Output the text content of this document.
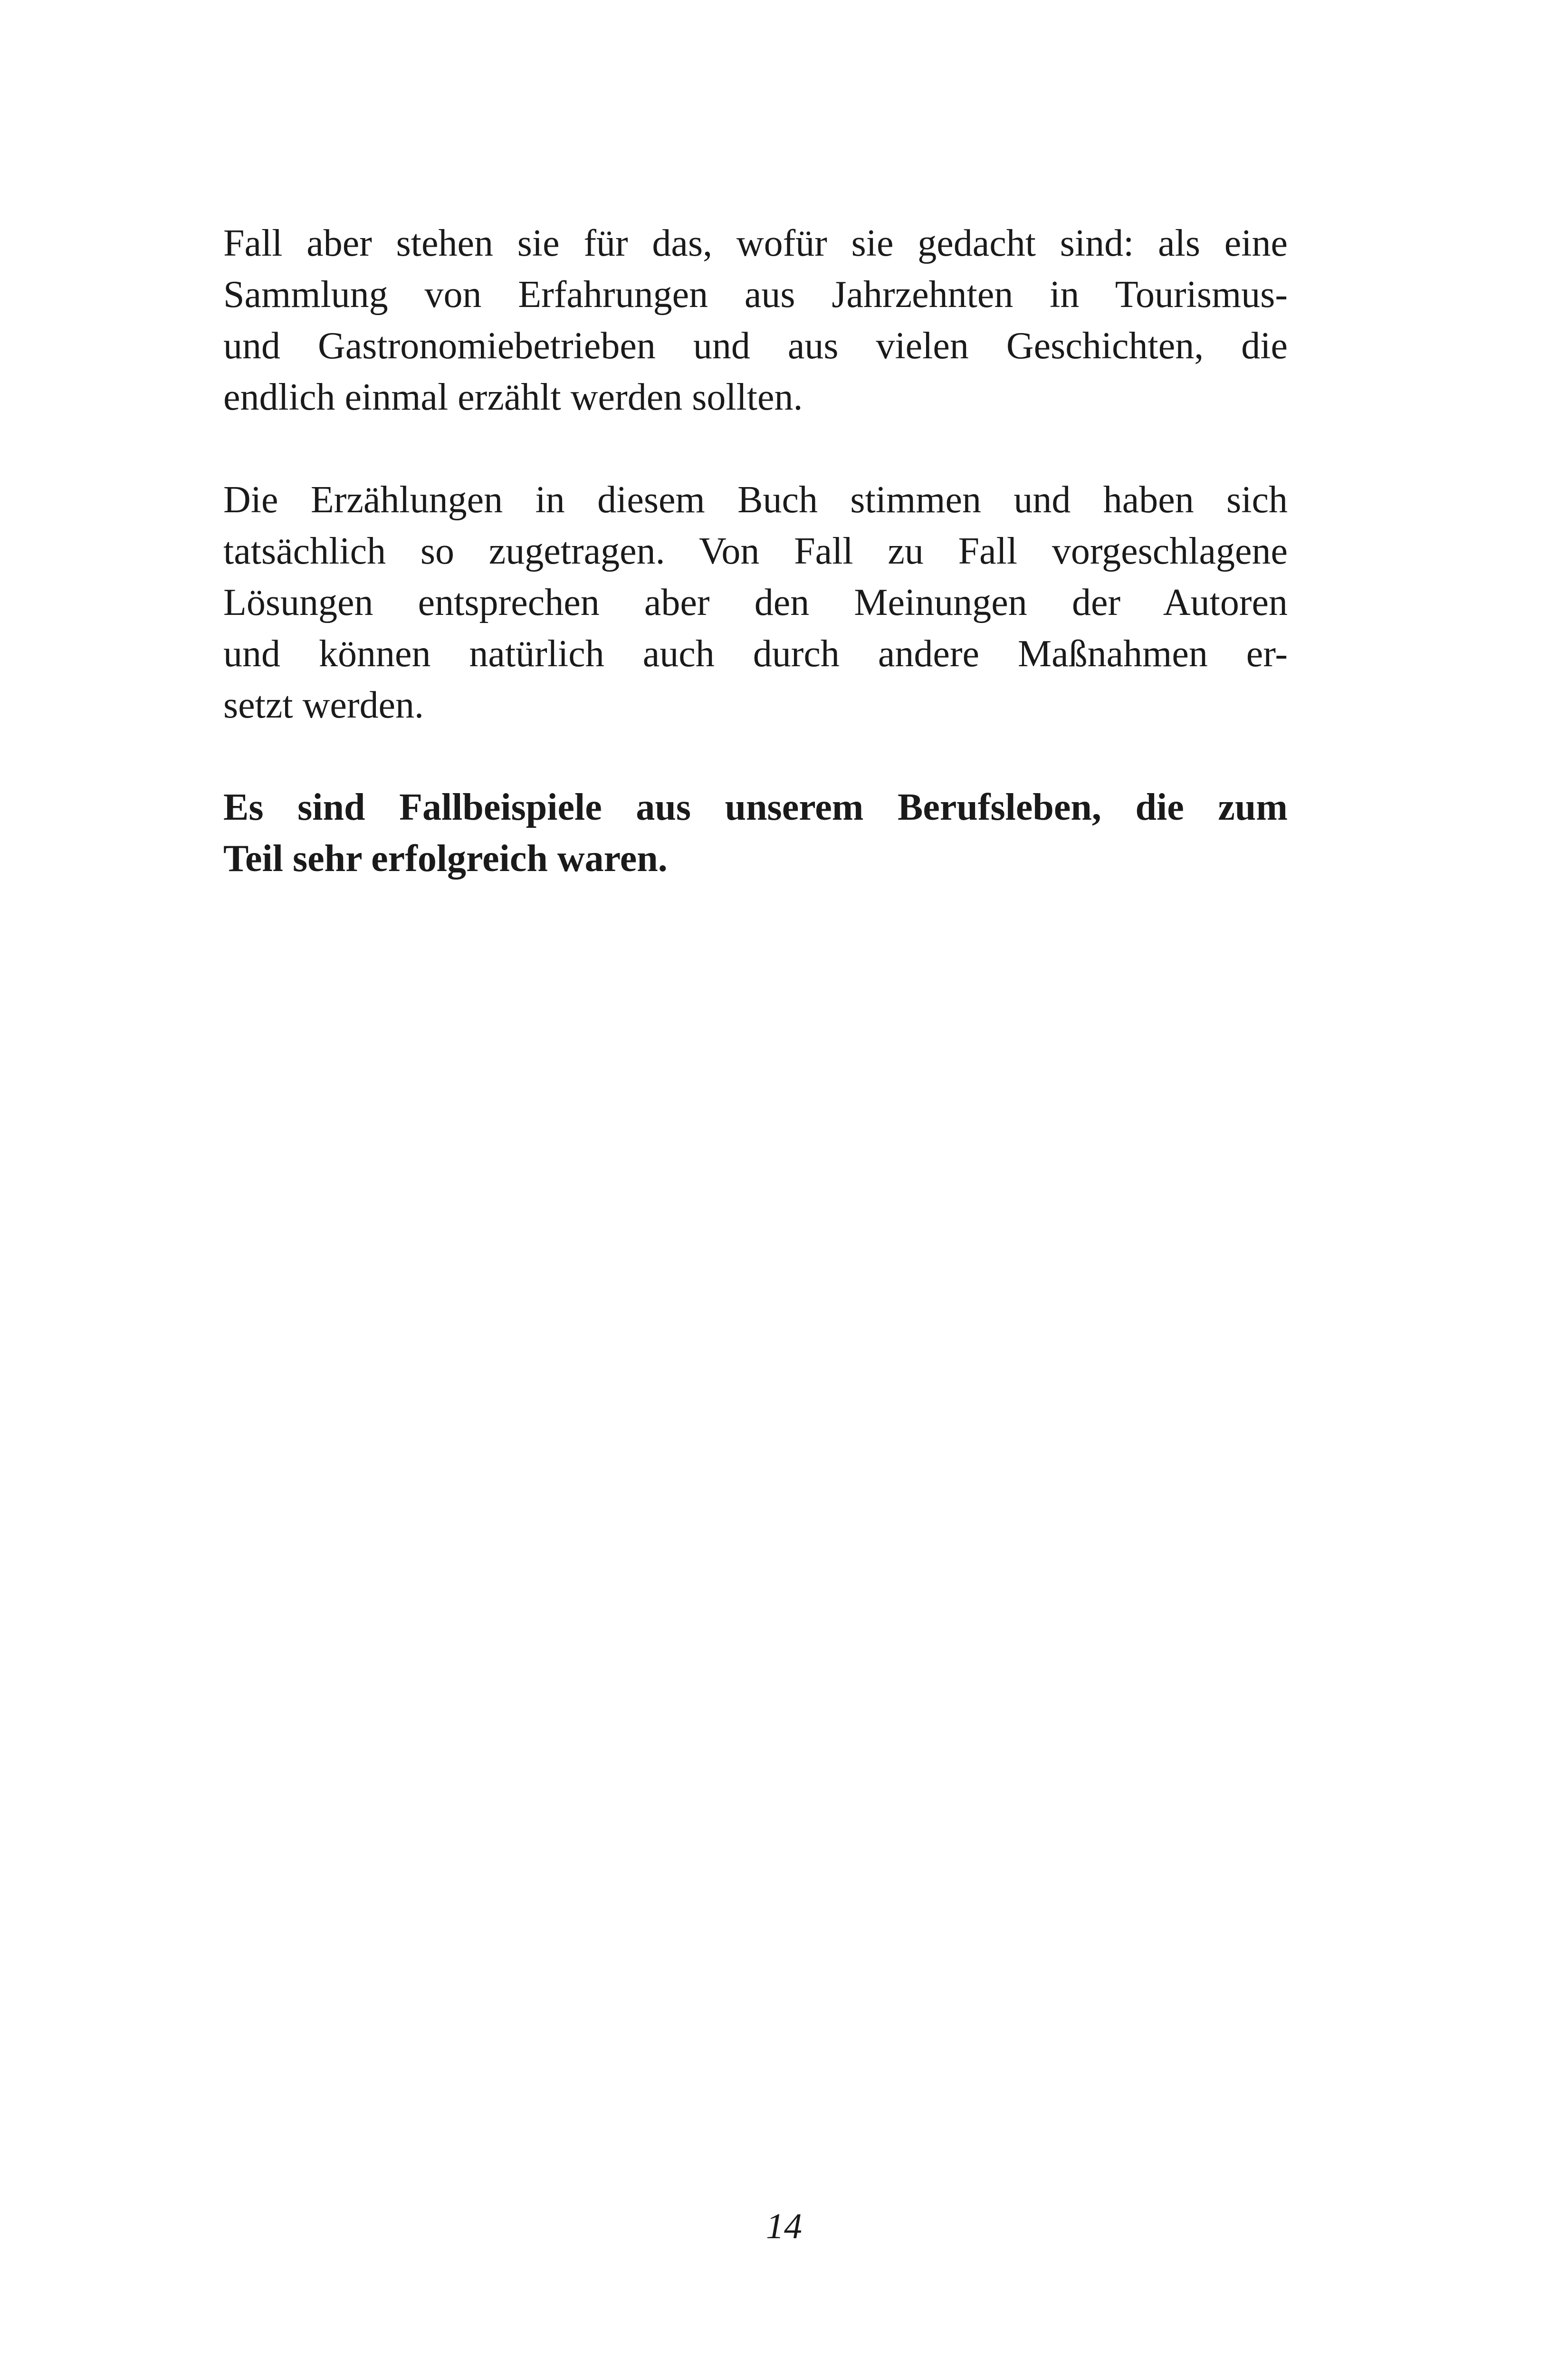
Fall aber stehen sie für das, wofür sie gedacht sind: als eine
Sammlung von Erfahrungen aus Jahrzehnten in Tourismus-
und Gastronomiebetrieben und aus vielen Geschichten, die
endlich einmal erzählt werden sollten.
Die Erzählungen in diesem Buch stimmen und haben sich
tatsächlich so zugetragen. Von Fall zu Fall vorgeschlagene
Lösungen entsprechen aber den Meinungen der Autoren
und können natürlich auch durch andere Maßnahmen er-
setzt werden.
Es sind Fallbeispiele aus unserem Berufsleben, die zum
Teil sehr erfolgreich waren.
14
